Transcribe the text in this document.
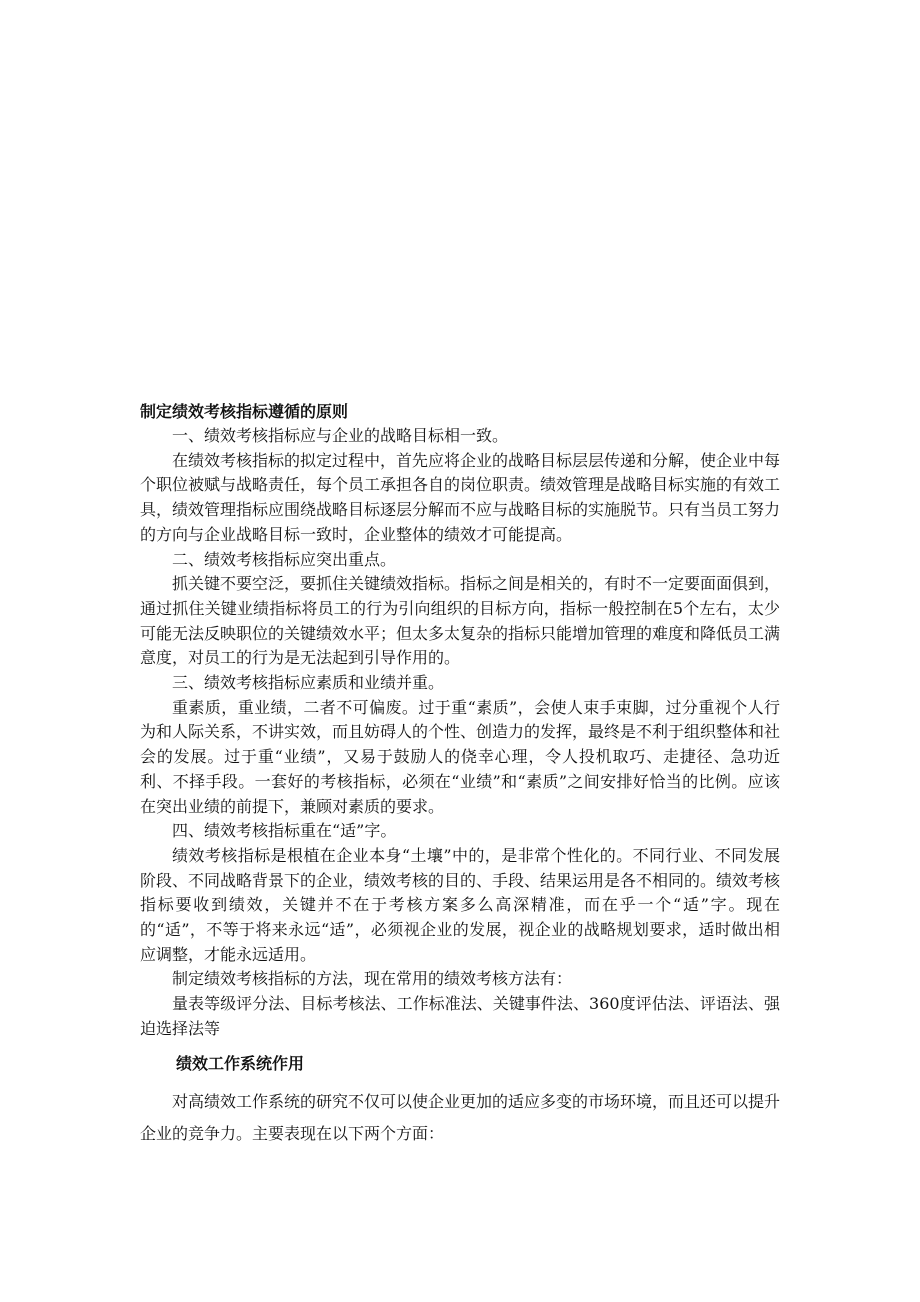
制定绩效考核指标遵循的原则

一、绩效考核指标应与企业的战略目标相一致。

在绩效考核指标的拟定过程中，首先应将企业的战略目标层层传递和分解，使企业中每个职位被赋与战略责任，每个员工承担各自的岗位职责。绩效管理是战略目标实施的有效工具，绩效管理指标应围绕战略目标逐层分解而不应与战略目标的实施脱节。只有当员工努力的方向与企业战略目标一致时，企业整体的绩效才可能提高。

二、绩效考核指标应突出重点。

抓关键不要空泛，要抓住关键绩效指标。指标之间是相关的，有时不一定要面面俱到，通过抓住关键业绩指标将员工的行为引向组织的目标方向，指标一般控制在5个左右，太少可能无法反映职位的关键绩效水平；但太多太复杂的指标只能增加管理的难度和降低员工满意度，对员工的行为是无法起到引导作用的。

三、绩效考核指标应素质和业绩并重。

重素质，重业绩，二者不可偏废。过于重“素质”，会使人束手束脚，过分重视个人行为和人际关系，不讲实效，而且妨碍人的个性、创造力的发挥，最终是不利于组织整体和社会的发展。过于重“业绩”，又易于鼓励人的侥幸心理，令人投机取巧、走捷径、急功近利、不择手段。一套好的考核指标，必须在“业绩”和“素质”之间安排好恰当的比例。应该在突出业绩的前提下，兼顾对素质的要求。

四、绩效考核指标重在“适”字。

绩效考核指标是根植在企业本身“土壤”中的，是非常个性化的。不同行业、不同发展阶段、不同战略背景下的企业，绩效考核的目的、手段、结果运用是各不相同的。绩效考核指标要收到绩效，关键并不在于考核方案多么高深精准，而在乎一个“适”字。现在的“适”，不等于将来永远“适”，必须视企业的发展，视企业的战略规划要求，适时做出相应调整，才能永远适用。

制定绩效考核指标的方法，现在常用的绩效考核方法有：

量表等级评分法、目标考核法、工作标准法、关键事件法、360度评估法、评语法、强迫选择法等

绩效工作系统作用

对高绩效工作系统的研究不仅可以使企业更加的适应多变的市场环境，而且还可以提升企业的竞争力。主要表现在以下两个方面：
